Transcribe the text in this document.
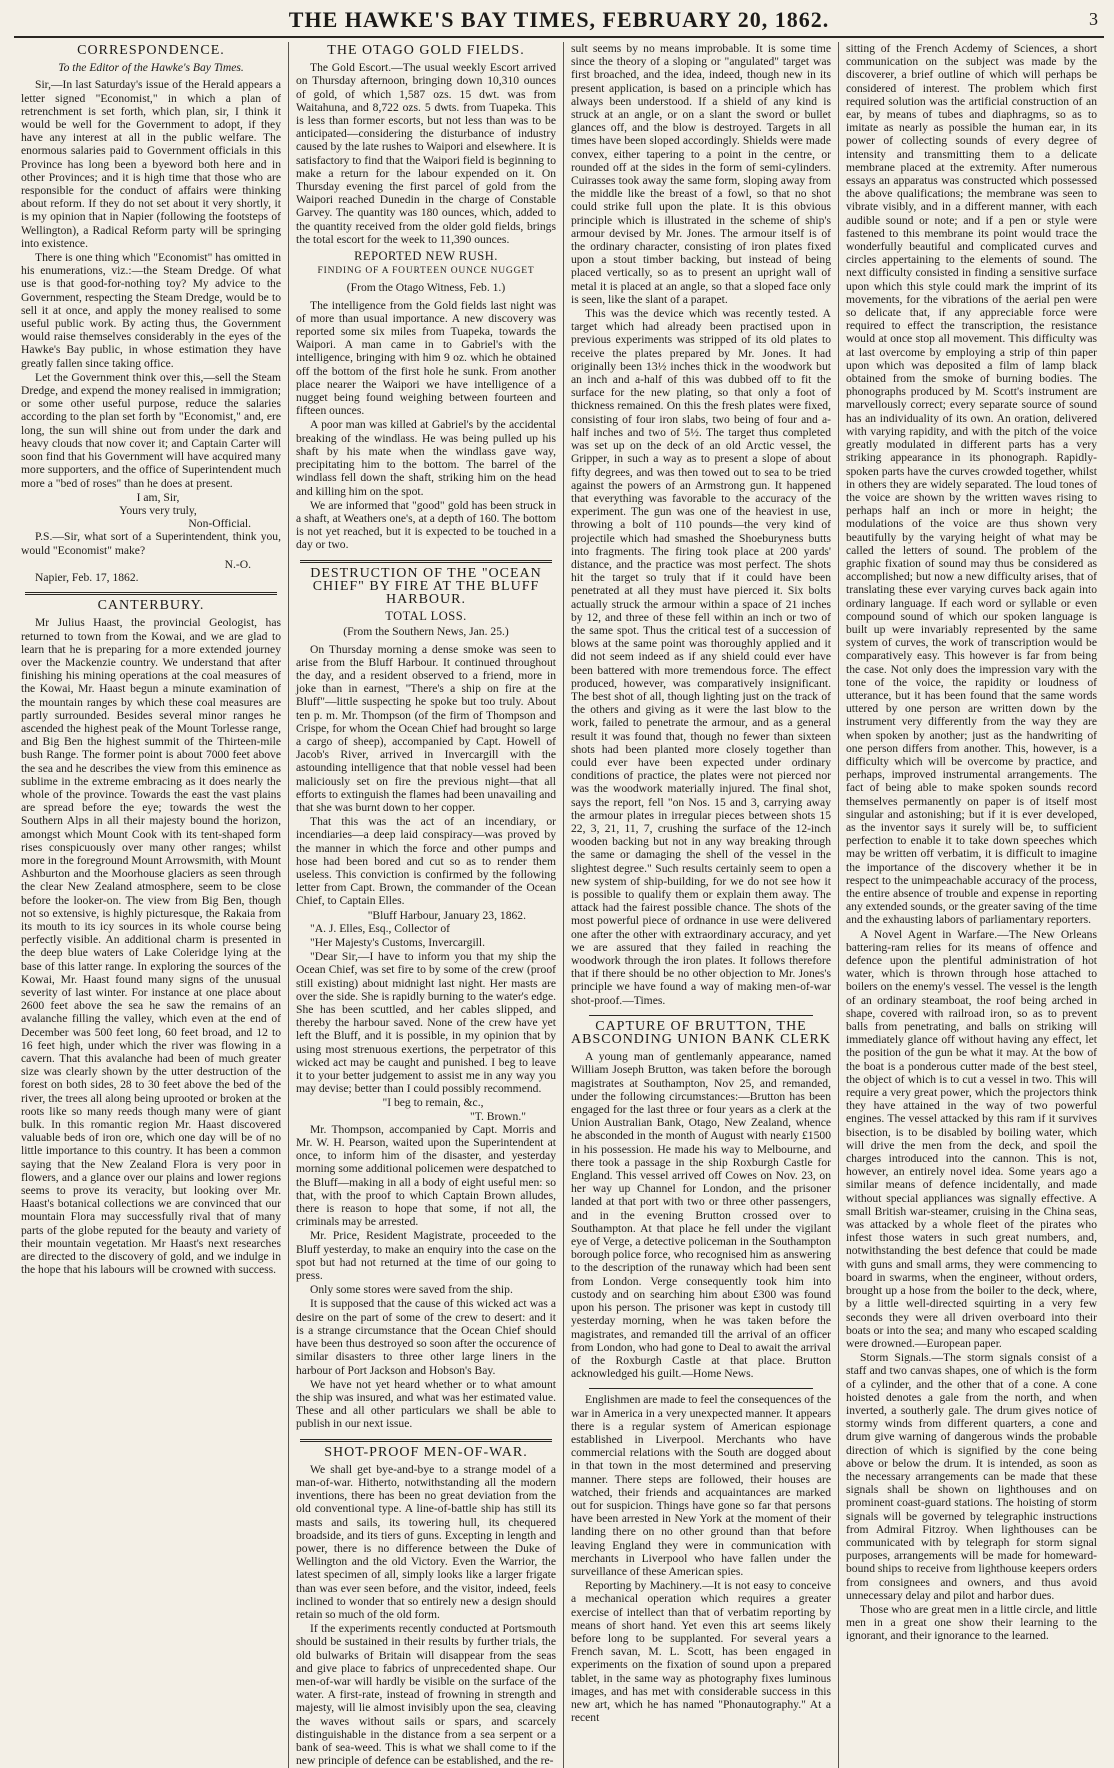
THE HAWKE'S BAY TIMES, FEBRUARY 20, 1862.	3
CORRESPONDENCE.
To the Editor of the Hawke's Bay Times.

Sir,—In last Saturday's issue of the Herald appears a letter signed "Economist," in which a plan of retrenchment is set forth, which plan, sir, I think it would be well for the Government to adopt, if they have any interest at all in the public welfare. The enormous salaries paid to Government officials in this Province has long been a byeword both here and in other Provinces; and it is high time that those who are responsible for the conduct of affairs were thinking about reform. If they do not set about it very shortly, it is my opinion that in Napier (following the footsteps of Wellington), a Radical Reform party will be springing into existence.

There is one thing which "Economist" has omitted in his enumerations, viz.:—the Steam Dredge. Of what use is that good-for-nothing toy? My advice to the Government, respecting the Steam Dredge, would be to sell it at once, and apply the money realised to some useful public work. By acting thus, the Government would raise themselves considerably in the eyes of the Hawke's Bay public, in whose estimation they have greatly fallen since taking office.

Let the Government think over this,—sell the Steam Dredge, and expend the money realised in immigration; or some other useful purpose, reduce the salaries according to the plan set forth by "Economist," and, ere long, the sun will shine out from under the dark and heavy clouds that now cover it; and Captain Carter will soon find that his Government will have acquired many more supporters, and the office of Superintendent much more a "bed of roses" than he does at present.

I am, Sir,

Yours very truly,

Non-Official.

P.S.—Sir, what sort of a Superintendent, think you, would "Economist" make?

N.-O.

Napier, Feb. 17, 1862.

CANTERBURY.

Mr Julius Haast, the provincial Geologist, has returned to town from the Kowai, and we are glad to learn that he is preparing for a more extended journey over the Mackenzie country. We understand that after finishing his mining operations at the coal measures of the Kowai, Mr. Haast begun a minute examination of the mountain ranges by which these coal measures are partly surrounded. Besides several minor ranges he ascended the highest peak of the Mount Torlesse range, and Big Ben the highest summit of the Thirteen-mile bush Range. The former point is about 7000 feet above the sea and he describes the view from this eminence as sublime in the extreme embracing as it does nearly the whole of the province. Towards the east the vast plains are spread before the eye; towards the west the Southern Alps in all their majesty bound the horizon, amongst which Mount Cook with its tent-shaped form rises conspicuously over many other ranges; whilst more in the foreground Mount Arrowsmith, with Mount Ashburton and the Moorhouse glaciers as seen through the clear New Zealand atmosphere, seem to be close before the looker-on. The view from Big Ben, though not so extensive, is highly picturesque, the Rakaia from its mouth to its icy sources in its whole course being perfectly visible. An additional charm is presented in the deep blue waters of Lake Coleridge lying at the base of this latter range. In exploring the sources of the Kowai, Mr. Haast found many signs of the unusual severity of last winter. For instance at one place about 2600 feet above the sea he saw the remains of an avalanche filling the valley, which even at the end of December was 500 feet long, 60 feet broad, and 12 to 16 feet high, under which the river was flowing in a cavern. That this avalanche had been of much greater size was clearly shown by the utter destruction of the forest on both sides, 28 to 30 feet above the bed of the river, the trees all along being uprooted or broken at the roots like so many reeds though many were of giant bulk. In this romantic region Mr. Haast discovered valuable beds of iron ore, which one day will be of no little importance to this country. It has been a common saying that the New Zealand Flora is very poor in flowers, and a glance over our plains and lower regions seems to prove its veracity, but looking over Mr. Haast's botanical collections we are convinced that our mountain Flora may successfully rival that of many parts of the globe reputed for the beauty and variety of their mountain vegetation. Mr Haast's next researches are directed to the discovery of gold, and we indulge in the hope that his labours will be crowned with success.

THE OTAGO GOLD FIELDS.

The Gold Escort.—The usual weekly Escort arrived on Thursday afternoon, bringing down 10,310 ounces of gold, of which 1,587 ozs. 15 dwt. was from Waitahuna, and 8,722 ozs. 5 dwts. from Tuapeka. This is less than former escorts, but not less than was to be anticipated—considering the disturbance of industry caused by the late rushes to Waipori and elsewhere. It is satisfactory to find that the Waipori field is beginning to make a return for the labour expended on it. On Thursday evening the first parcel of gold from the Waipori reached Dunedin in the charge of Constable Garvey. The quantity was 180 ounces, which, added to the quantity received from the older gold fields, brings the total escort for the week to 11,390 ounces.

REPORTED NEW RUSH.
FINDING OF A FOURTEEN OUNCE NUGGET
(From the Otago Witness, Feb. 1.)

The intelligence from the Gold fields last night was of more than usual importance. A new discovery was reported some six miles from Tuapeka, towards the Waipori. A man came in to Gabriel's with the intelligence, bringing with him 9 oz. which he obtained off the bottom of the first hole he sunk. From another place nearer the Waipori we have intelligence of a nugget being found weighing between fourteen and fifteen ounces.

A poor man was killed at Gabriel's by the accidental breaking of the windlass. He was being pulled up his shaft by his mate when the windlass gave way, precipitating him to the bottom. The barrel of the windlass fell down the shaft, striking him on the head and killing him on the spot.

We are informed that "good" gold has been struck in a shaft, at Weathers one's, at a depth of 160. The bottom is not yet reached, but it is expected to be touched in a day or two.

DESTRUCTION OF THE "OCEAN CHIEF" BY FIRE AT THE BLUFF HARBOUR.
TOTAL LOSS.
(From the Southern News, Jan. 25.)

On Thursday morning a dense smoke was seen to arise from the Bluff Harbour. It continued throughout the day, and a resident observed to a friend, more in joke than in earnest, "There's a ship on fire at the Bluff"—little suspecting he spoke but too truly. About ten p. m. Mr. Thompson (of the firm of Thompson and Crispe, for whom the Ocean Chief had brought so large a cargo of sheep), accompanied by Capt. Howell of Jacob's River, arrived in Invercargill with the astounding intelligence that that noble vessel had been maliciously set on fire the previous night—that all efforts to extinguish the flames had been unavailing and that she was burnt down to her copper.

That this was the act of an incendiary, or incendiaries—a deep laid conspiracy—was proved by the manner in which the force and other pumps and hose had been bored and cut so as to render them useless. This conviction is confirmed by the following letter from Capt. Brown, the commander of the Ocean Chief, to Captain Elles.

"Bluff Harbour, January 23, 1862.

"A. J. Elles, Esq., Collector of

"Her Majesty's Customs, Invercargill.

"Dear Sir,—I have to inform you that my ship the Ocean Chief, was set fire to by some of the crew (proof still existing) about midnight last night. Her masts are over the side. She is rapidly burning to the water's edge. She has been scuttled, and her cables slipped, and thereby the harbour saved. None of the crew have yet left the Bluff, and it is possible, in my opinion that by using most strenuous exertions, the perpetrator of this wicked act may be caught and punished. I beg to leave it to your better judgement to assist me in any way you may devise; better than I could possibly recommend.

"I beg to remain, &c.,

"T. Brown."

Mr. Thompson, accompanied by Capt. Morris and Mr. W. H. Pearson, waited upon the Superintendent at once, to inform him of the disaster, and yesterday morning some additional policemen were despatched to the Bluff—making in all a body of eight useful men: so that, with the proof to which Captain Brown alludes, there is reason to hope that some, if not all, the criminals may be arrested.

Mr. Price, Resident Magistrate, proceeded to the Bluff yesterday, to make an enquiry into the case on the spot but had not returned at the time of our going to press.

Only some stores were saved from the ship.

It is supposed that the cause of this wicked act was a desire on the part of some of the crew to desert: and it is a strange circumstance that the Ocean Chief should have been thus destroyed so soon after the occurence of similar disasters to three other large liners in the harbour of Port Jackson and Hobson's Bay.

We have not yet heard whether or to what amount the ship was insured, and what was her estimated value. These and all other particulars we shall be able to publish in our next issue.

SHOT-PROOF MEN-OF-WAR.

We shall get bye-and-bye to a strange model of a man-of-war. Hitherto, notwithstanding all the modern inventions, there has been no great deviation from the old conventional type. A line-of-battle ship has still its masts and sails, its towering hull, its chequered broadside, and its tiers of guns. Excepting in length and power, there is no difference between the Duke of Wellington and the old Victory. Even the Warrior, the latest specimen of all, simply looks like a larger frigate than was ever seen before, and the visitor, indeed, feels inclined to wonder that so entirely new a design should retain so much of the old form.

If the experiments recently conducted at Portsmouth should be sustained in their results by further trials, the old bulwarks of Britain will disappear from the seas and give place to fabrics of unprecedented shape. Our men-of-war will hardly be visible on the surface of the water. A first-rate, instead of frowning in strength and majesty, will lie almost invisibly upon the sea, cleaving the waves without sails or spars, and scarcely distinguishable in the distance from a sea serpent or a bank of sea-weed. This is what we shall come to if the new principle of defence can be established, and the re-

sult seems by no means improbable. It is some time since the theory of a sloping or "angulated" target was first broached, and the idea, indeed, though new in its present application, is based on a principle which has always been understood. If a shield of any kind is struck at an angle, or on a slant the sword or bullet glances off, and the blow is destroyed. Targets in all times have been sloped accordingly. Shields were made convex, either tapering to a point in the centre, or rounded off at the sides in the form of semi-cylinders. Cuirasses took away the same form, sloping away from the middle like the breast of a fowl, so that no shot could strike full upon the plate. It is this obvious principle which is illustrated in the scheme of ship's armour devised by Mr. Jones. The armour itself is of the ordinary character, consisting of iron plates fixed upon a stout timber backing, but instead of being placed vertically, so as to present an upright wall of metal it is placed at an angle, so that a sloped face only is seen, like the slant of a parapet.

This was the device which was recently tested. A target which had already been practised upon in previous experiments was stripped of its old plates to receive the plates prepared by Mr. Jones. It had originally been 13½ inches thick in the woodwork but an inch and a-half of this was dubbed off to fit the surface for the new plating, so that only a foot of thickness remained. On this the fresh plates were fixed, consisting of four iron slabs, two being of four and a-half inches and two of 5½. The target thus completed was set up on the deck of an old Arctic vessel, the Gripper, in such a way as to present a slope of about fifty degrees, and was then towed out to sea to be tried against the powers of an Armstrong gun. It happened that everything was favorable to the accuracy of the experiment. The gun was one of the heaviest in use, throwing a bolt of 110 pounds—the very kind of projectile which had smashed the Shoeburyness butts into fragments. The firing took place at 200 yards' distance, and the practice was most perfect. The shots hit the target so truly that if it could have been penetrated at all they must have pierced it. Six bolts actually struck the armour within a space of 21 inches by 12, and three of these fell within an inch or two of the same spot. Thus the critical test of a succession of blows at the same point was thoroughly applied and it did not seem indeed as if any shield could ever have been battered with more tremendous force. The effect produced, however, was comparatively insignificant. The best shot of all, though lighting just on the track of the others and giving as it were the last blow to the work, failed to penetrate the armour, and as a general result it was found that, though no fewer than sixteen shots had been planted more closely together than could ever have been expected under ordinary conditions of practice, the plates were not pierced nor was the woodwork materially injured. The final shot, says the report, fell "on Nos. 15 and 3, carrying away the armour plates in irregular pieces between shots 15 22, 3, 21, 11, 7, crushing the surface of the 12-inch wooden backing but not in any way breaking through the same or damaging the shell of the vessel in the slightest degree." Such results certainly seem to open a new system of ship-building, for we do not see how it is possible to qualify them or explain them away. The attack had the fairest possible chance. The shots of the most powerful piece of ordnance in use were delivered one after the other with extraordinary accuracy, and yet we are assured that they failed in reaching the woodwork through the iron plates. It follows therefore that if there should be no other objection to Mr. Jones's principle we have found a way of making men-of-war shot-proof.—Times.

CAPTURE OF BRUTTON, THE ABSCONDING UNION BANK CLERK

A young man of gentlemanly appearance, named William Joseph Brutton, was taken before the borough magistrates at Southampton, Nov 25, and remanded, under the following circumstances:—Brutton has been engaged for the last three or four years as a clerk at the Union Australian Bank, Otago, New Zealand, whence he absconded in the month of August with nearly £1500 in his possession. He made his way to Melbourne, and there took a passage in the ship Roxburgh Castle for England. This vessel arrived off Cowes on Nov. 23, on her way up Channel for London, and the prisoner landed at that port with two or three other passengers, and in the evening Brutton crossed over to Southampton. At that place he fell under the vigilant eye of Verge, a detective policeman in the Southampton borough police force, who recognised him as answering to the description of the runaway which had been sent from London. Verge consequently took him into custody and on searching him about £300 was found upon his person. The prisoner was kept in custody till yesterday morning, when he was taken before the magistrates, and remanded till the arrival of an officer from London, who had gone to Deal to await the arrival of the Roxburgh Castle at that place. Brutton acknowledged his guilt.—Home News.

Englishmen are made to feel the consequences of the war in America in a very unexpected manner. It appears there is a regular system of American espionage established in Liverpool. Merchants who have commercial relations with the South are dogged about in that town in the most determined and preserving manner. There steps are followed, their houses are watched, their friends and acquaintances are marked out for suspicion. Things have gone so far that persons have been arrested in New York at the moment of their landing there on no other ground than that before leaving England they were in communication with merchants in Liverpool who have fallen under the surveillance of these American spies.

Reporting by Machinery.—It is not easy to conceive a mechanical operation which requires a greater exercise of intellect than that of verbatim reporting by means of short hand. Yet even this art seems likely before long to be supplanted. For several years a French savan, M. L. Scott, has been engaged in experiments on the fixation of sound upon a prepared tablet, in the same way as photography fixes luminous images, and has met with considerable success in this new art, which he has named "Phonautography." At a recent

sitting of the French Acdemy of Sciences, a short communication on the subject was made by the discoverer, a brief outline of which will perhaps be considered of interest. The problem which first required solution was the artificial construction of an ear, by means of tubes and diaphragms, so as to imitate as nearly as possible the human ear, in its power of collecting sounds of every degree of intensity and transmitting them to a delicate membrane placed at the extremity. After numerous essays an apparatus was constructed which possessed the above qualifications; the membrane was seen to vibrate visibly, and in a different manner, with each audible sound or note; and if a pen or style were fastened to this membrane its point would trace the wonderfully beautiful and complicated curves and circles appertaining to the elements of sound. The next difficulty consisted in finding a sensitive surface upon which this style could mark the imprint of its movements, for the vibrations of the aerial pen were so delicate that, if any appreciable force were required to effect the transcription, the resistance would at once stop all movement. This difficulty was at last overcome by employing a strip of thin paper upon which was deposited a film of lamp black obtained from the smoke of burning bodies. The phonographs produced by M. Scott's instrument are marvellously correct; every separate source of sound has an individuality of its own. An oration, delivered with varying rapidity, and with the pitch of the voice greatly modulated in different parts has a very striking appearance in its phonograph. Rapidly-spoken parts have the curves crowded together, whilst in others they are widely separated. The loud tones of the voice are shown by the written waves rising to perhaps half an inch or more in height; the modulations of the voice are thus shown very beautifully by the varying height of what may be called the letters of sound. The problem of the graphic fixation of sound may thus be considered as accomplished; but now a new difficulty arises, that of translating these ever varying curves back again into ordinary language. If each word or syllable or even compound sound of which our spoken language is built up were invariably represented by the same system of curves, the work of transcription would be comparatively easy. This however is far from being the case. Not only does the impression vary with the tone of the voice, the rapidity or loudness of utterance, but it has been found that the same words uttered by one person are written down by the instrument very differently from the way they are when spoken by another; just as the handwriting of one person differs from another. This, however, is a difficulty which will be overcome by practice, and perhaps, improved instrumental arrangements. The fact of being able to make spoken sounds record themselves permanently on paper is of itself most singular and astonishing; but if it is ever developed, as the inventor says it surely will be, to sufficient perfection to enable it to take down speeches which may be written off verbatim, it is difficult to imagine the importance of the discovery whether it be in respect to the unimpeachable accuracy of the process, the entire absence of trouble and expense in reporting any extended sounds, or the greater saving of the time and the exhausting labors of parliamentary reporters.

A Novel Agent in Warfare.—The New Orleans battering-ram relies for its means of offence and defence upon the plentiful administration of hot water, which is thrown through hose attached to boilers on the enemy's vessel. The vessel is the length of an ordinary steamboat, the roof being arched in shape, covered with railroad iron, so as to prevent balls from penetrating, and balls on striking will immediately glance off without having any effect, let the position of the gun be what it may. At the bow of the boat is a ponderous cutter made of the best steel, the object of which is to cut a vessel in two. This will require a very great power, which the projectors think they have attained in the way of two powerful engines. The vessel attacked by this ram if it survives bisection, is to be disabled by boiling water, which will drive the men from the deck, and spoil the charges introduced into the cannon. This is not, however, an entirely novel idea. Some years ago a similar means of defence incidentally, and made without special appliances was signally effective. A small British war-steamer, cruising in the China seas, was attacked by a whole fleet of the pirates who infest those waters in such great numbers, and, notwithstanding the best defence that could be made with guns and small arms, they were commencing to board in swarms, when the engineer, without orders, brought up a hose from the boiler to the deck, where, by a little well-directed squirting in a very few seconds they were all driven overboard into their boats or into the sea; and many who escaped scalding were drowned.—European paper.

Storm Signals.—The storm signals consist of a staff and two canvas shapes, one of which is the form of a cylinder, and the other that of a cone. A cone hoisted denotes a gale from the north, and when inverted, a southerly gale. The drum gives notice of stormy winds from different quarters, a cone and drum give warning of dangerous winds the probable direction of which is signified by the cone being above or below the drum. It is intended, as soon as the necessary arrangements can be made that these signals shall be shown on lighthouses and on prominent coast-guard stations. The hoisting of storm signals will be governed by telegraphic instructions from Admiral Fitzroy. When lighthouses can be communicated with by telegraph for storm signal purposes, arrangements will be made for homeward-bound ships to receive from lighthouse keepers orders from consignees and owners, and thus avoid unnecessary delay and pilot and harbor dues.

Those who are great men in a little circle, and little men in a great one show their learning to the ignorant, and their ignorance to the learned.
